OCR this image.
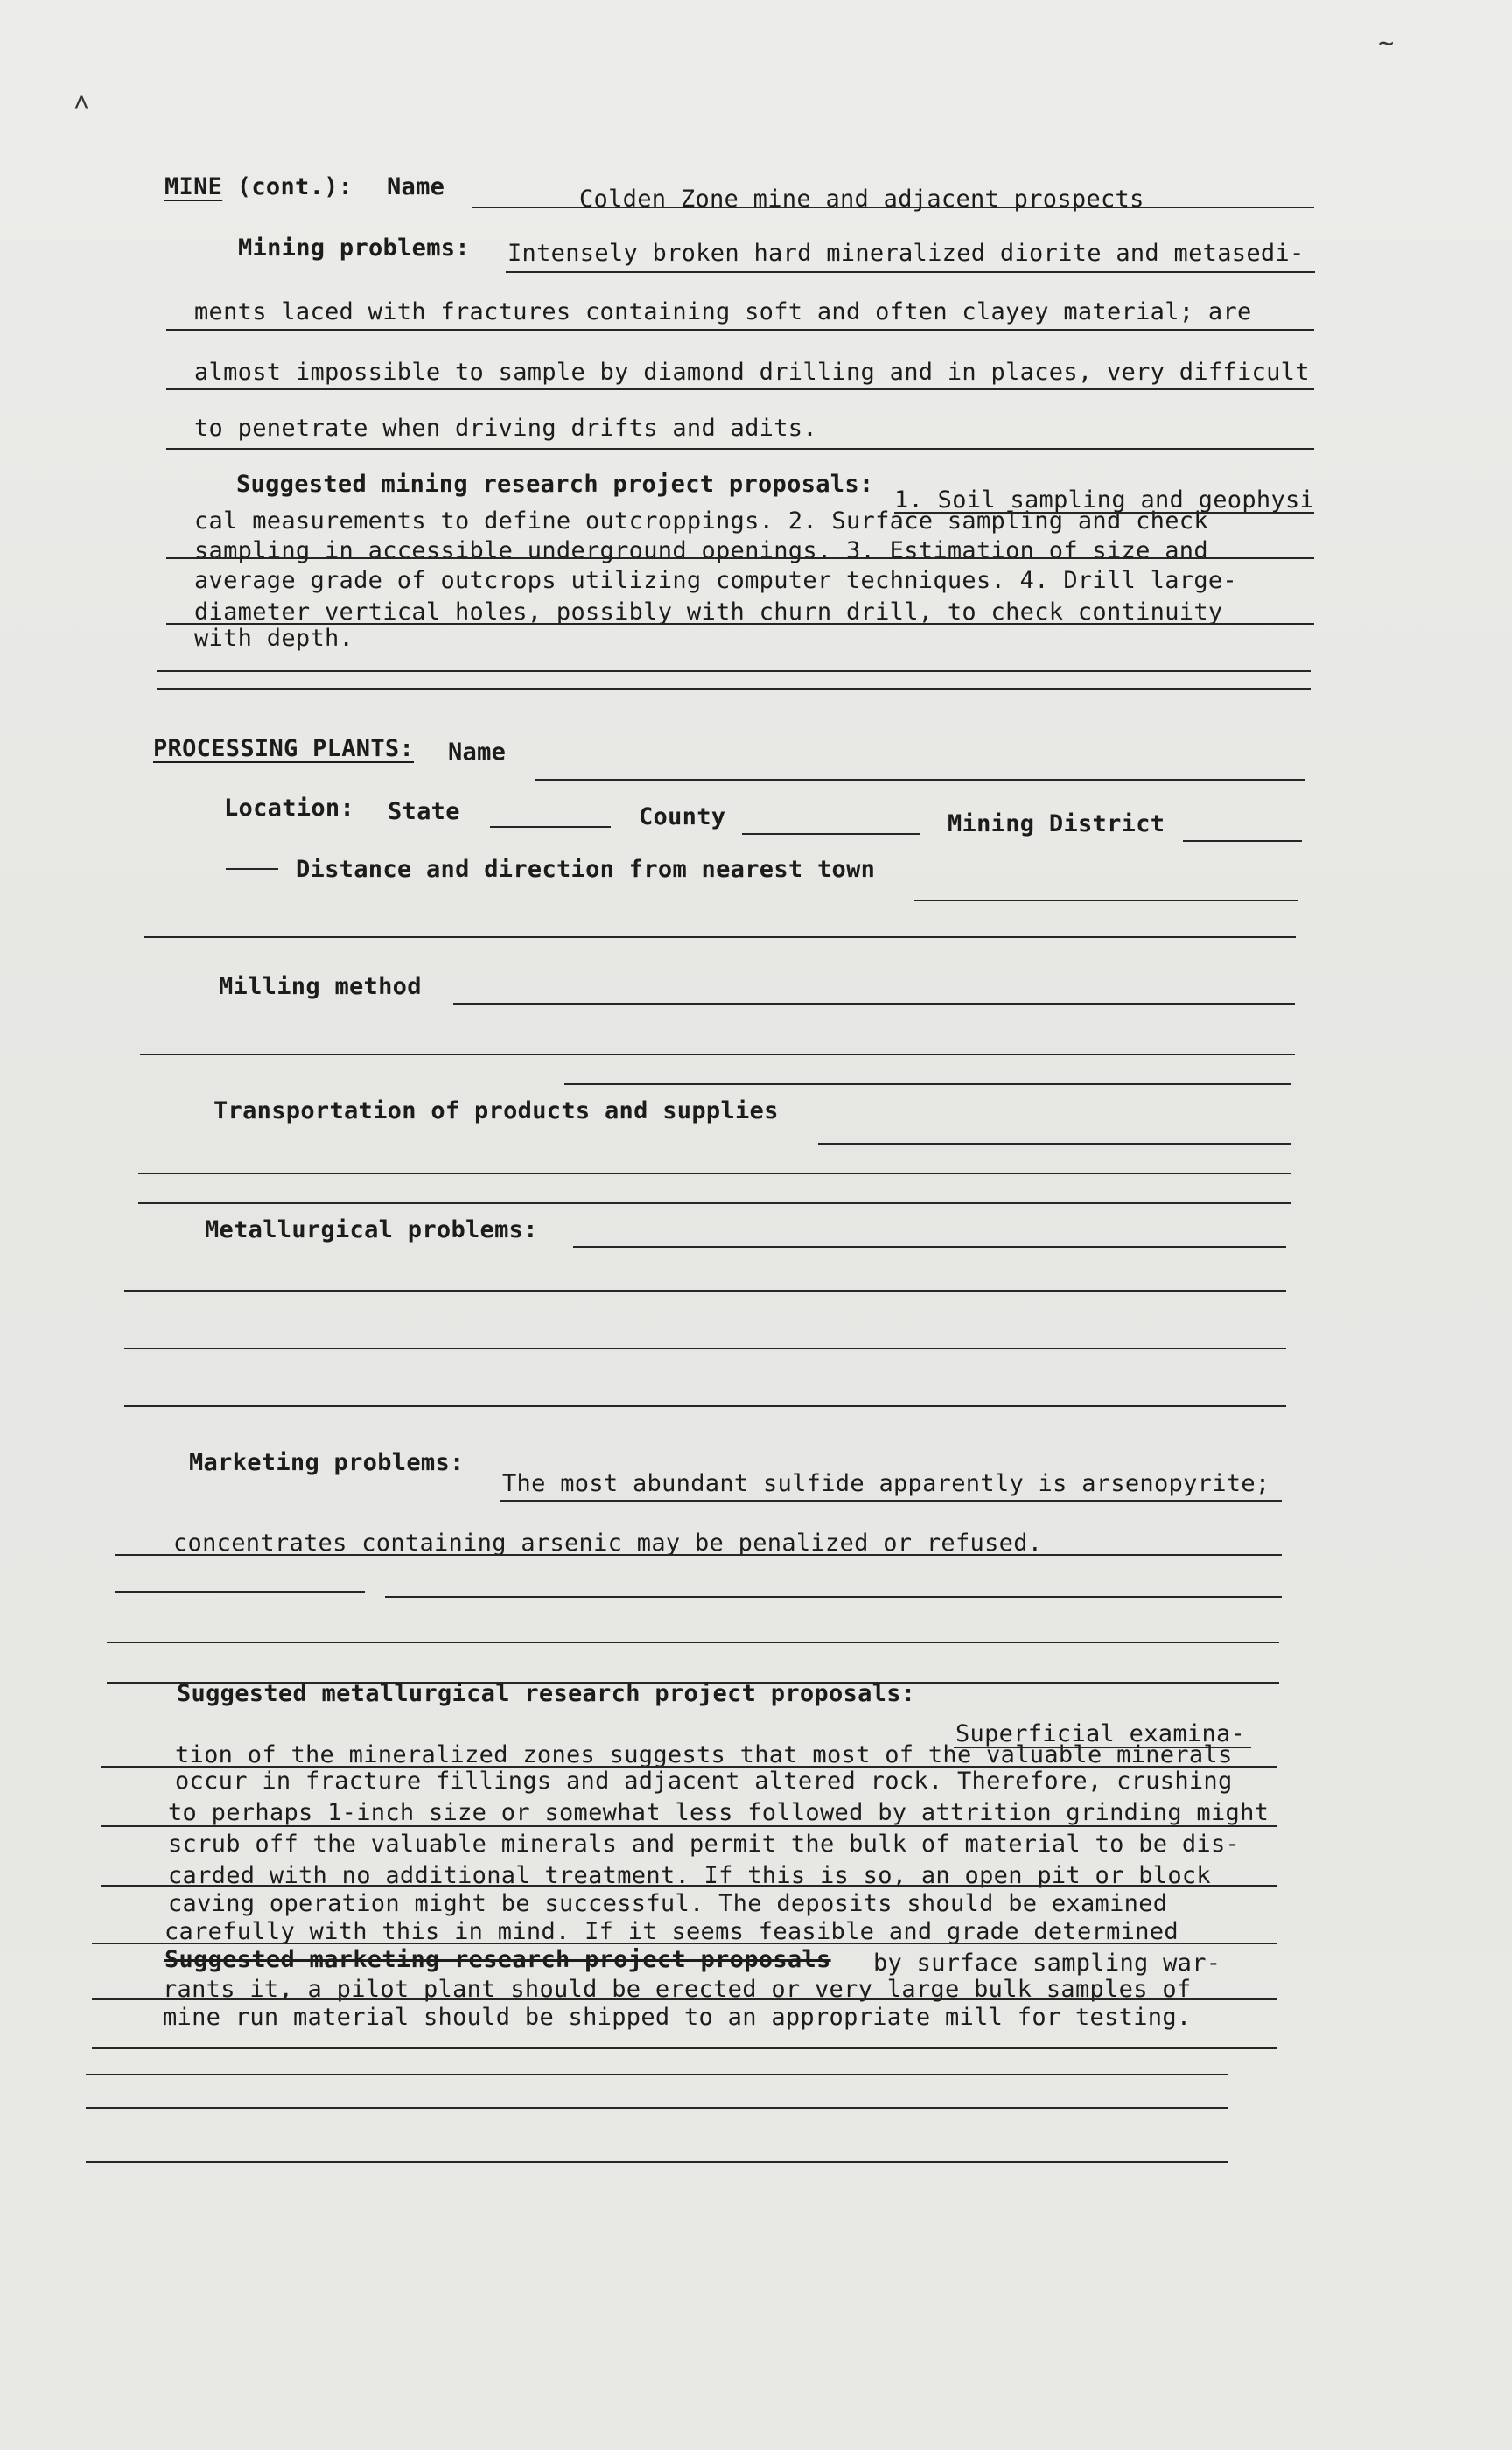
˄
∼
MINE (cont.): Name	Colden Zone mine and adjacent prospects
Mining problems: Intensely broken hard mineralized diorite and metasedi-
ments laced with fractures containing soft and often clayey material; are
almost impossible to sample by diamond drilling and in places, very difficult
to penetrate when driving drifts and adits.
Suggested mining research project proposals:
1. Soil sampling and geophysi
cal measurements to define outcroppings. 2. Surface sampling and check
sampling in accessible underground openings. 3. Estimation of size and
average grade of outcrops utilizing computer techniques. 4. Drill large-
diameter vertical holes, possibly with churn drill, to check continuity
with depth.
PROCESSING PLANTS: Name
Location: State	County	Mining District
Distance and direction from nearest town
Milling method
Transportation of products and supplies
Metallurgical problems:
Marketing problems:
The most abundant sulfide apparently is arsenopyrite;
concentrates containing arsenic may be penalized or refused.
Suggested metallurgical research project proposals:
Superficial examina-
tion of the mineralized zones suggests that most of the valuable minerals
occur in fracture fillings and adjacent altered rock. Therefore, crushing
to perhaps 1-inch size or somewhat less followed by attrition grinding might
scrub off the valuable minerals and permit the bulk of material to be dis-
carded with no additional treatment. If this is so, an open pit or block
caving operation might be successful. The deposits should be examined
carefully with this in mind. If it seems feasible and grade determined
Suggested marketing research project proposals by surface sampling war-
rants it, a pilot plant should be erected or very large bulk samples of
mine run material should be shipped to an appropriate mill for testing.
